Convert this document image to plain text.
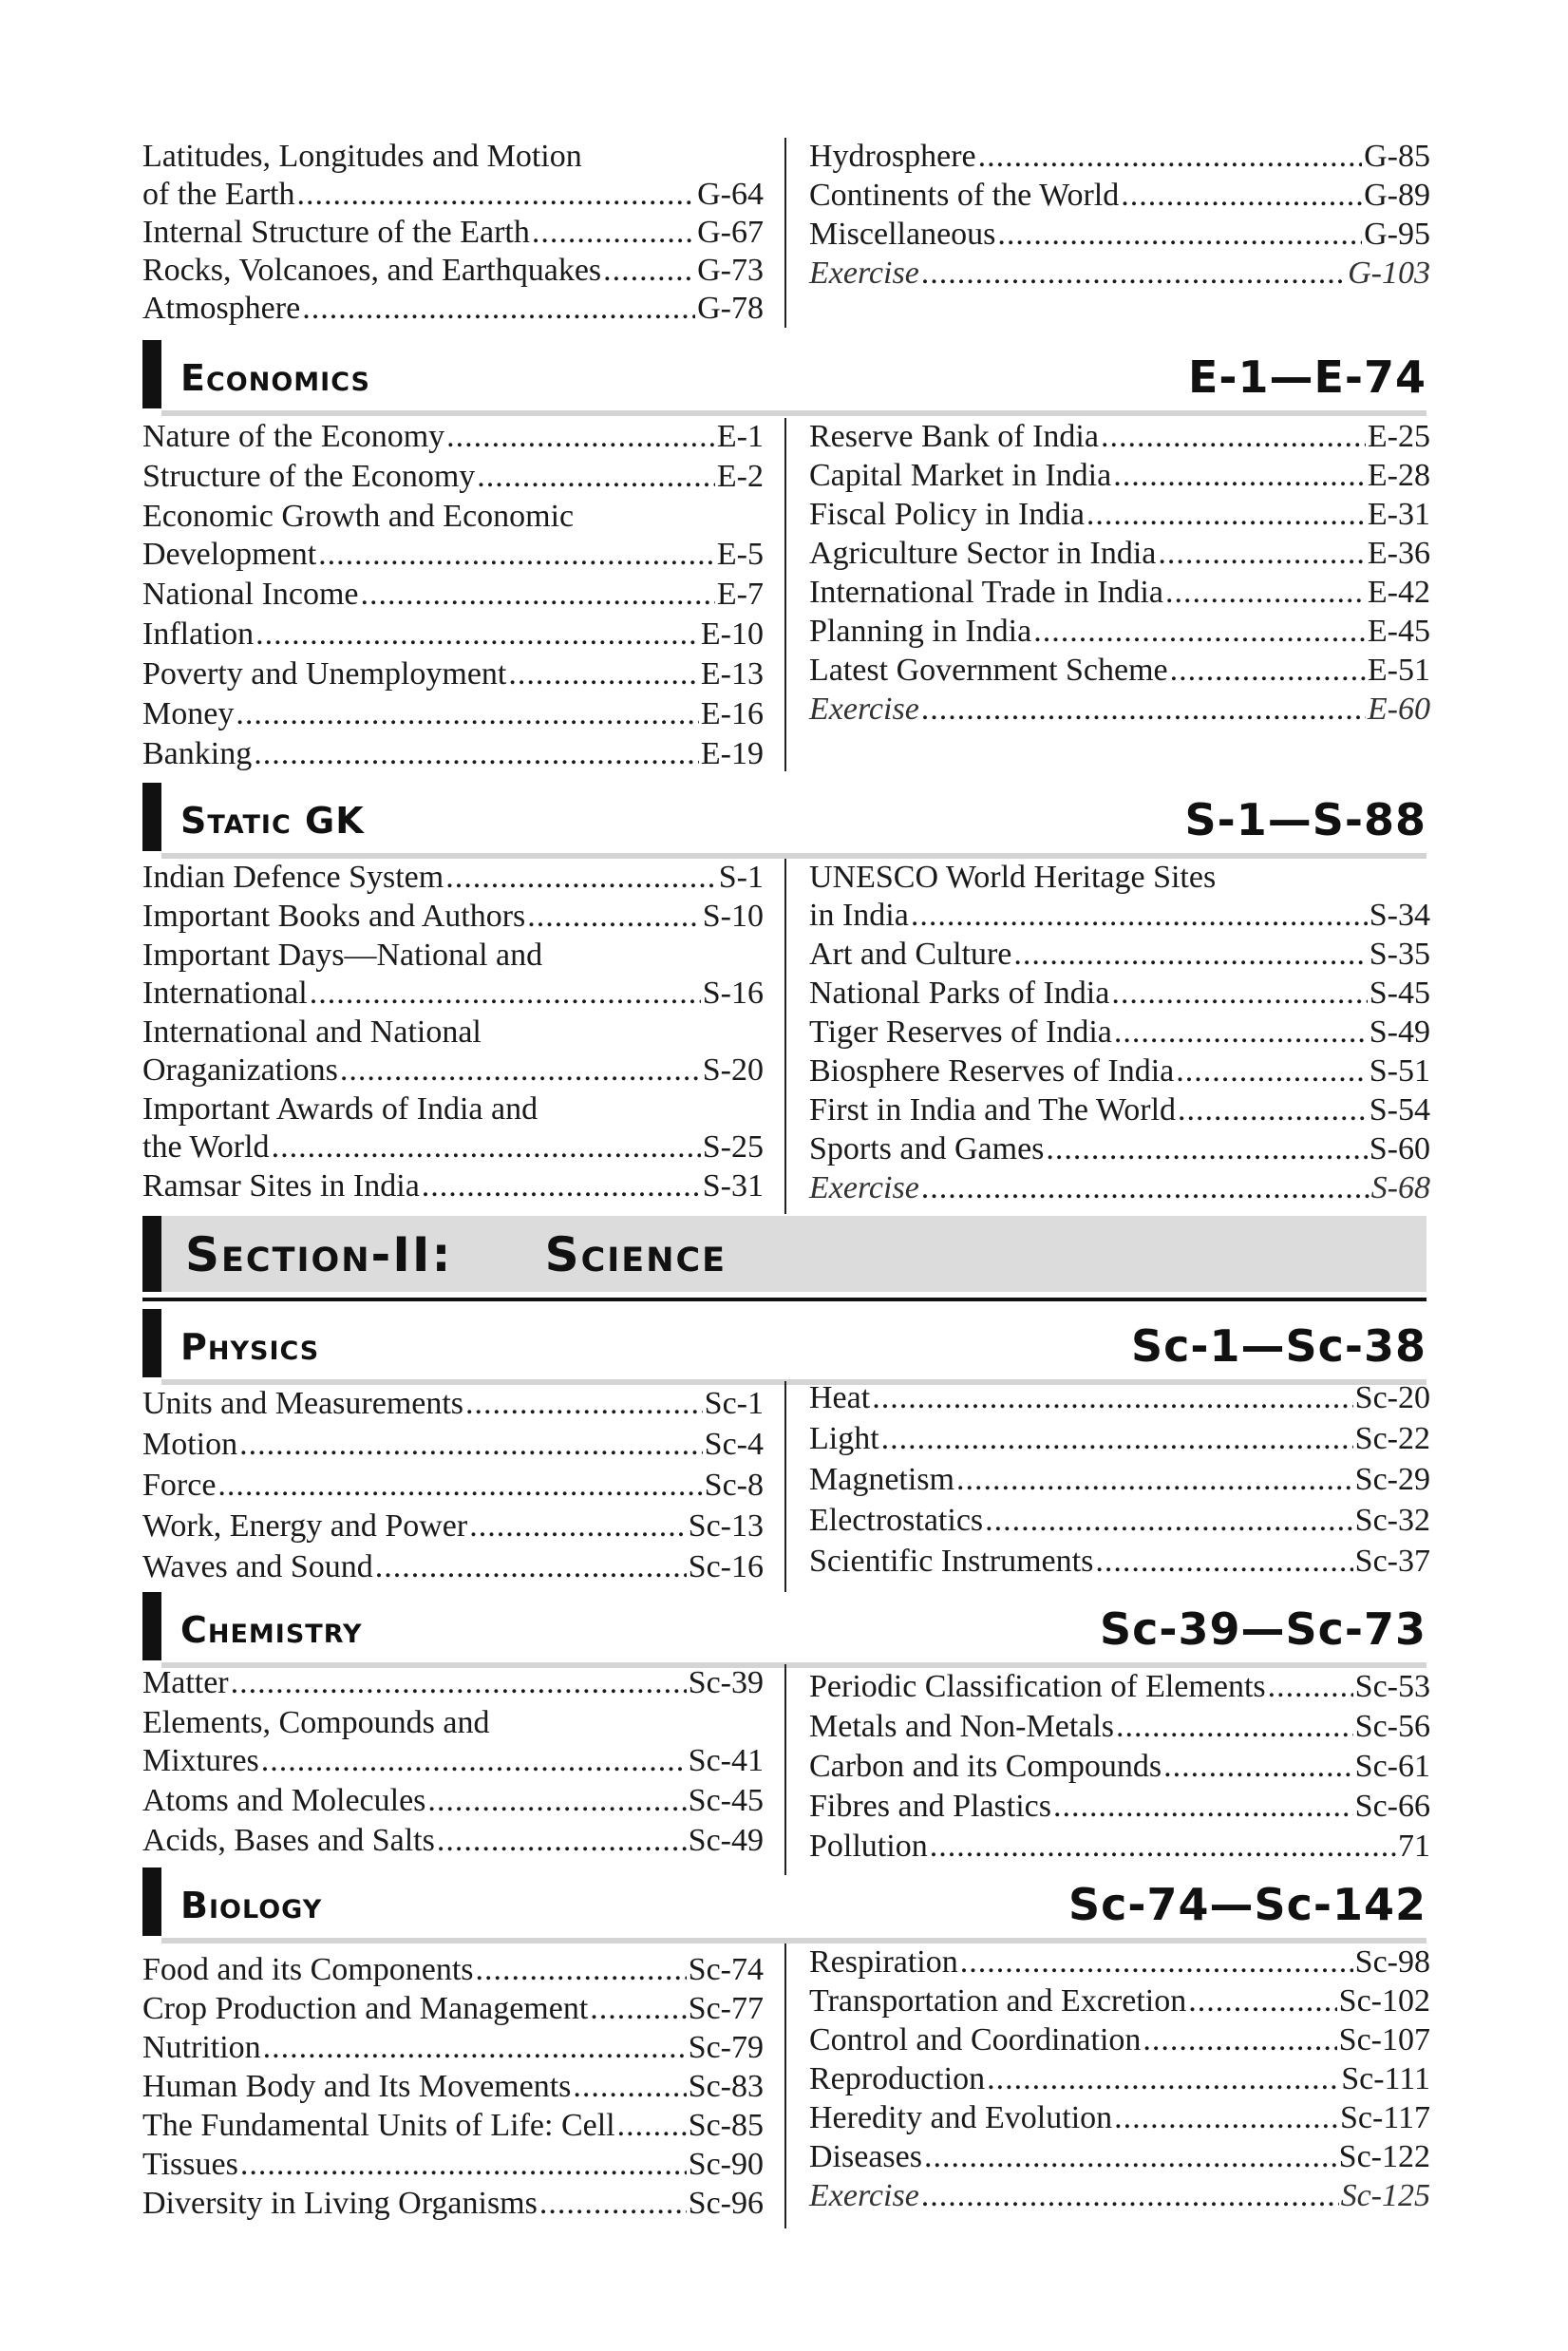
Latitudes, Longitudes and Motion
of the Earth .....	G-64
Internal Structure of the Earth .....	G-67
Rocks, Volcanoes, and Earthquakes .....	G-73
Atmosphere .....	G-78
Hydrosphere .....	G-85
Continents of the World .....	G-89
Miscellaneous .....	G-95
Exercise .....	G-103
Economics	E-1—E-74
Nature of the Economy .....	E-1
Structure of the Economy .....	E-2
Economic Growth and Economic
Development .....	E-5
National Income .....	E-7
Inflation .....	E-10
Poverty and Unemployment .....	E-13
Money .....	E-16
Banking .....	E-19
Reserve Bank of India .....	E-25
Capital Market in India .....	E-28
Fiscal Policy in India .....	E-31
Agriculture Sector in India .....	E-36
International Trade in India .....	E-42
Planning in India .....	E-45
Latest Government Scheme .....	E-51
Exercise .....	E-60
Static GK	S-1—S-88
Indian Defence System .....	S-1
Important Books and Authors .....	S-10
Important Days—National and
International .....	S-16
International and National
Oraganizations .....	S-20
Important Awards of India and
the World .....	S-25
Ramsar Sites in India .....	S-31
UNESCO World Heritage Sites
in India .....	S-34
Art and Culture .....	S-35
National Parks of India .....	S-45
Tiger Reserves of India .....	S-49
Biosphere Reserves of India .....	S-51
First in India and The World .....	S-54
Sports and Games .....	S-60
Exercise .....	S-68
Section-II: Science
Physics	Sc-1—Sc-38
Units and Measurements .....	Sc-1
Motion .....	Sc-4
Force .....	Sc-8
Work, Energy and Power .....	Sc-13
Waves and Sound .....	Sc-16
Heat .....	Sc-20
Light .....	Sc-22
Magnetism .....	Sc-29
Electrostatics .....	Sc-32
Scientific Instruments .....	Sc-37
Chemistry	Sc-39—Sc-73
Matter .....	Sc-39
Elements, Compounds and
Mixtures .....	Sc-41
Atoms and Molecules .....	Sc-45
Acids, Bases and Salts .....	Sc-49
Periodic Classification of Elements .....	Sc-53
Metals and Non-Metals .....	Sc-56
Carbon and its Compounds .....	Sc-61
Fibres and Plastics .....	Sc-66
Pollution .....	71
Biology	Sc-74—Sc-142
Food and its Components .....	Sc-74
Crop Production and Management .....	Sc-77
Nutrition .....	Sc-79
Human Body and Its Movements .....	Sc-83
The Fundamental Units of Life: Cell ..... Sc-85
Tissues .....	Sc-90
Diversity in Living Organisms .....	Sc-96
Respiration .....	Sc-98
Transportation and Excretion .....	Sc-102
Control and Coordination .....	Sc-107
Reproduction .....	Sc-111
Heredity and Evolution .....	Sc-117
Diseases .....	Sc-122
Exercise .....	Sc-125
